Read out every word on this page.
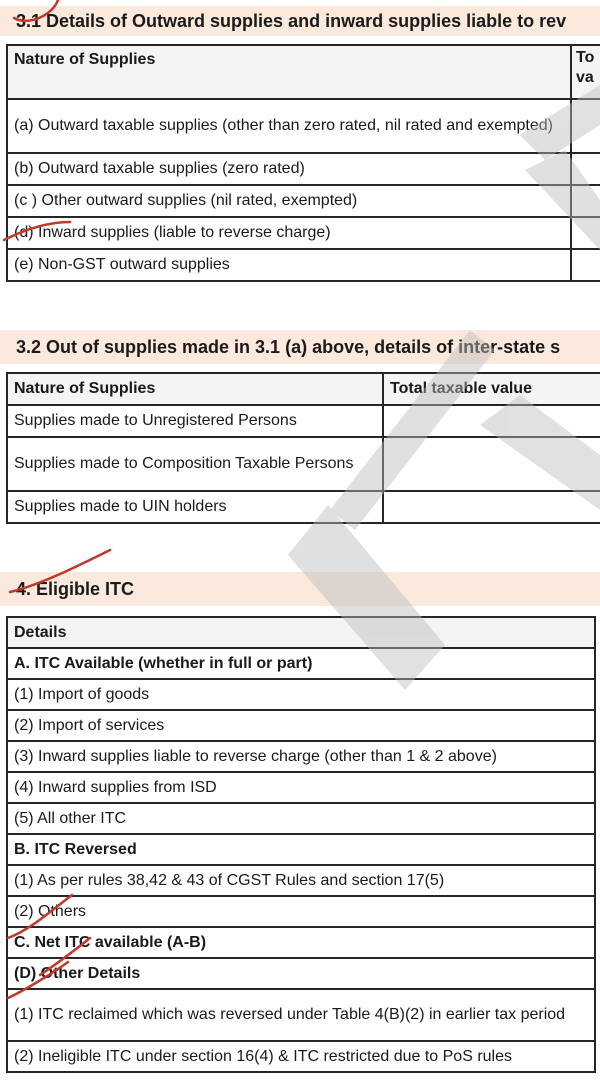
3.1 Details of Outward supplies and inward supplies liable to rev
Nature of Supplies	To
va
(a) Outward taxable supplies (other than zero rated, nil rated and exempted)	
(b) Outward taxable supplies (zero rated)	
(c ) Other outward supplies (nil rated, exempted)	
(d) Inward supplies (liable to reverse charge)	
(e) Non-GST outward supplies	
3.2 Out of supplies made in 3.1 (a) above, details of inter-state s
Nature of Supplies	Total taxable value
Supplies made to Unregistered Persons	
Supplies made to Composition Taxable Persons	
Supplies made to UIN holders	
4. Eligible ITC
Details
A. ITC Available (whether in full or part)
(1) Import of goods
(2) Import of services
(3) Inward supplies liable to reverse charge (other than 1 & 2 above)
(4) Inward supplies from ISD
(5) All other ITC
B. ITC Reversed
(1) As per rules 38,42 & 43 of CGST Rules and section 17(5)
(2) Others
C. Net ITC available (A-B)
(D) Other Details
(1) ITC reclaimed which was reversed under Table 4(B)(2) in earlier tax period
(2) Ineligible ITC under section 16(4) & ITC restricted due to PoS rules
